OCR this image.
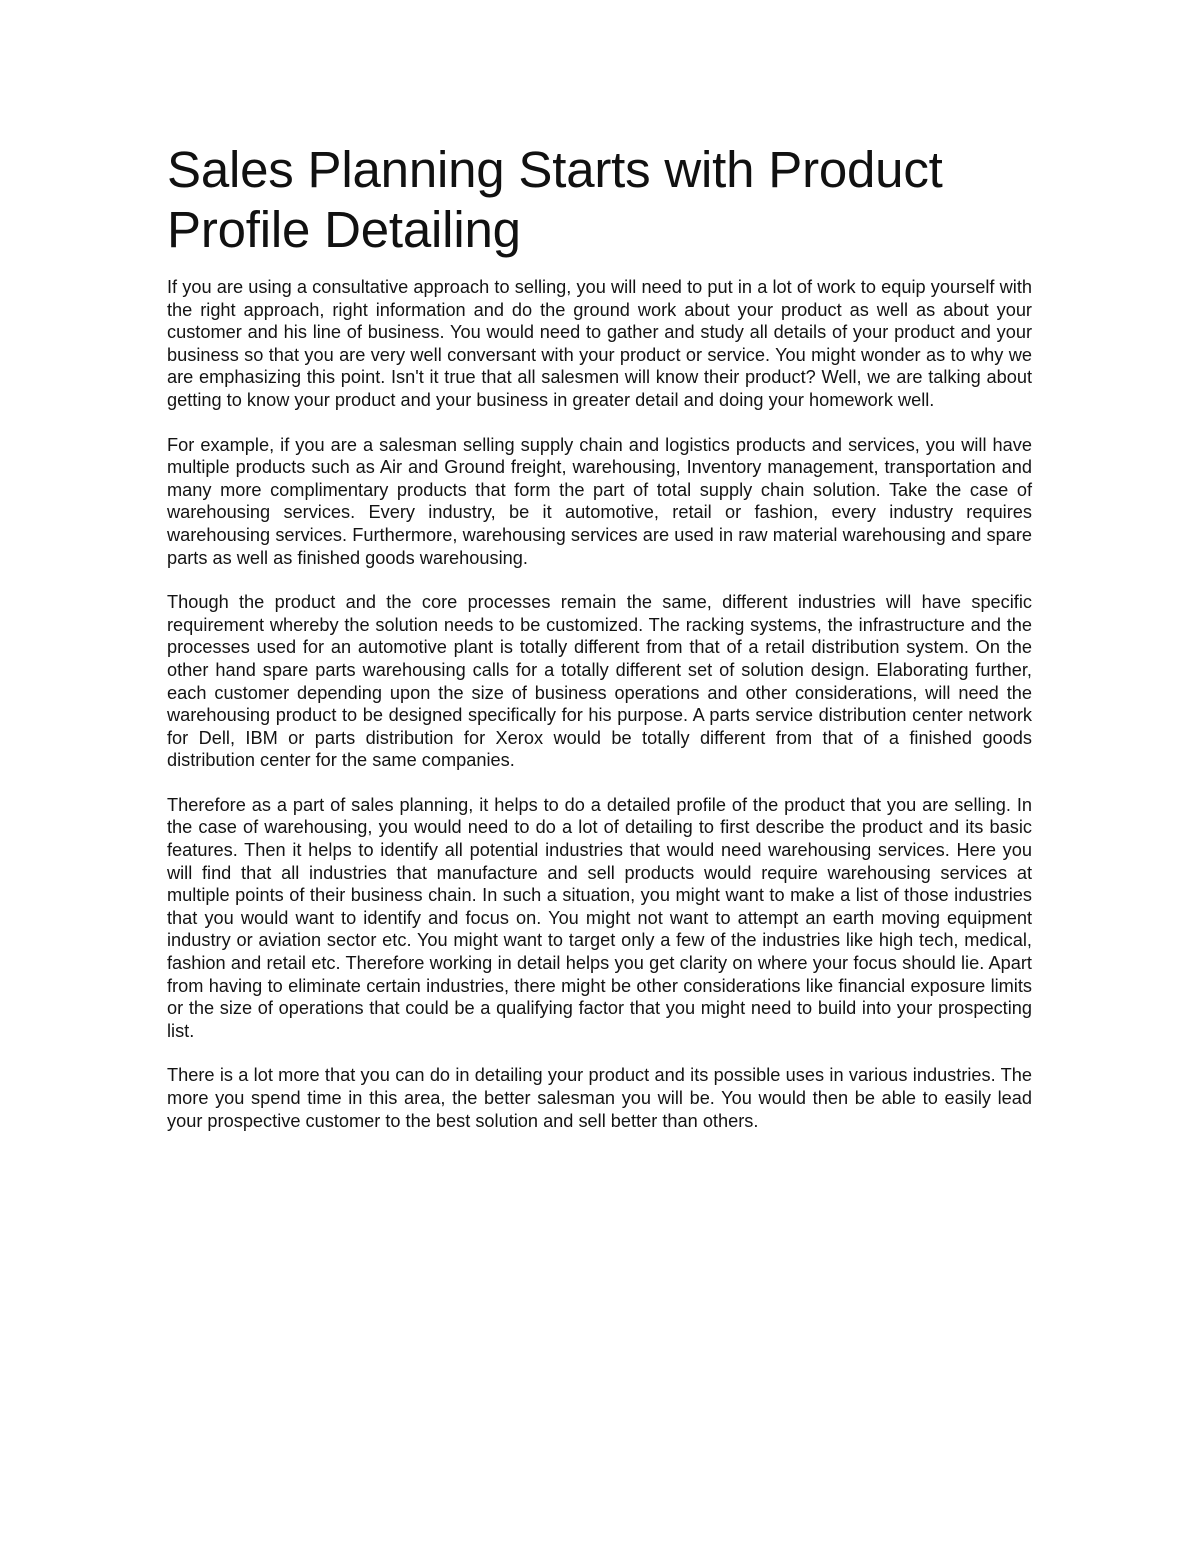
Sales Planning Starts with Product Profile Detailing

If you are using a consultative approach to selling, you will need to put in a lot of work to equip yourself with the right approach, right information and do the ground work about your product as well as about your customer and his line of business. You would need to gather and study all details of your product and your business so that you are very well conversant with your product or service. You might wonder as to why we are emphasizing this point. Isn't it true that all salesmen will know their product? Well, we are talking about getting to know your product and your business in greater detail and doing your homework well.

For example, if you are a salesman selling supply chain and logistics products and services, you will have multiple products such as Air and Ground freight, warehousing, Inventory management, transportation and many more complimentary products that form the part of total supply chain solution. Take the case of warehousing services. Every industry, be it automotive, retail or fashion, every industry requires warehousing services. Furthermore, warehousing services are used in raw material warehousing and spare parts as well as finished goods warehousing.

Though the product and the core processes remain the same, different industries will have specific requirement whereby the solution needs to be customized. The racking systems, the infrastructure and the processes used for an automotive plant is totally different from that of a retail distribution system. On the other hand spare parts warehousing calls for a totally different set of solution design. Elaborating further, each customer depending upon the size of business operations and other considerations, will need the warehousing product to be designed specifically for his purpose. A parts service distribution center network for Dell, IBM or parts distribution for Xerox would be totally different from that of a finished goods distribution center for the same companies.

Therefore as a part of sales planning, it helps to do a detailed profile of the product that you are selling. In the case of warehousing, you would need to do a lot of detailing to first describe the product and its basic features. Then it helps to identify all potential industries that would need warehousing services. Here you will find that all industries that manufacture and sell products would require warehousing services at multiple points of their business chain. In such a situation, you might want to make a list of those industries that you would want to identify and focus on. You might not want to attempt an earth moving equipment industry or aviation sector etc. You might want to target only a few of the industries like high tech, medical, fashion and retail etc. Therefore working in detail helps you get clarity on where your focus should lie. Apart from having to eliminate certain industries, there might be other considerations like financial exposure limits or the size of operations that could be a qualifying factor that you might need to build into your prospecting list.

There is a lot more that you can do in detailing your product and its possible uses in various industries. The more you spend time in this area, the better salesman you will be. You would then be able to easily lead your prospective customer to the best solution and sell better than others.
